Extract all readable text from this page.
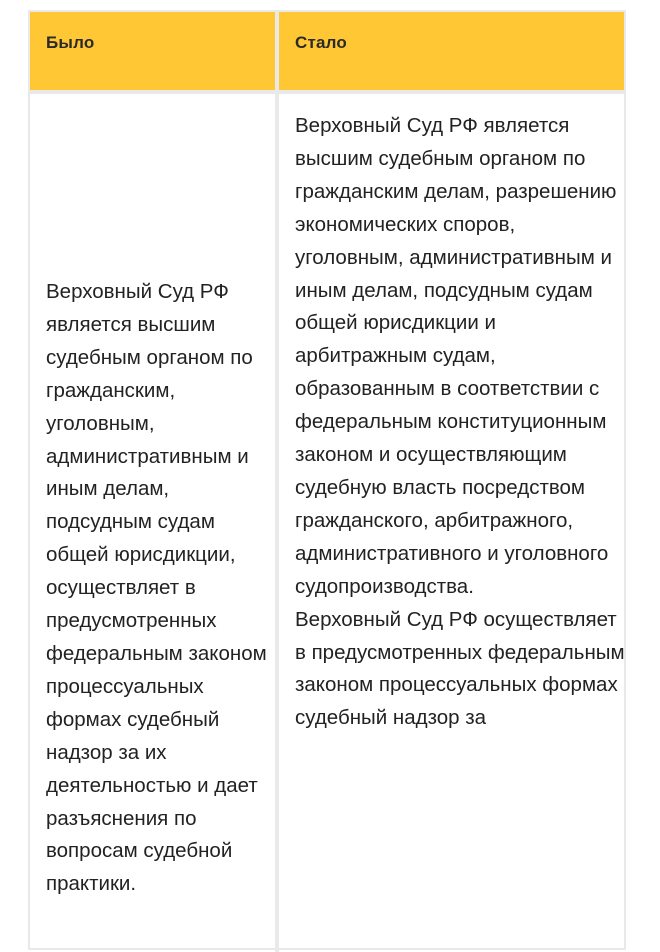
Было	Стало

Верховный Суд РФ является высшим судебным органом по гражданским, уголовным, административным и иным делам, подсудным судам общей юрисдикции, осуществляет в предусмотренных федеральным законом процессуальных формах судебный надзор за их деятельностью и дает разъяснения по вопросам судебной практики.

Верховный Суд РФ является высшим судебным органом по гражданским делам, разрешению экономических споров, уголовным, административным и иным делам, подсудным судам общей юрисдикции и арбитражным судам, образованным в соответствии с федеральным конституционным законом и осуществляющим судебную власть посредством гражданского, арбитражного, административного и уголовного судопроизводства.

Верховный Суд РФ осуществляет в предусмотренных федеральным законом процессуальных формах судебный надзор за
